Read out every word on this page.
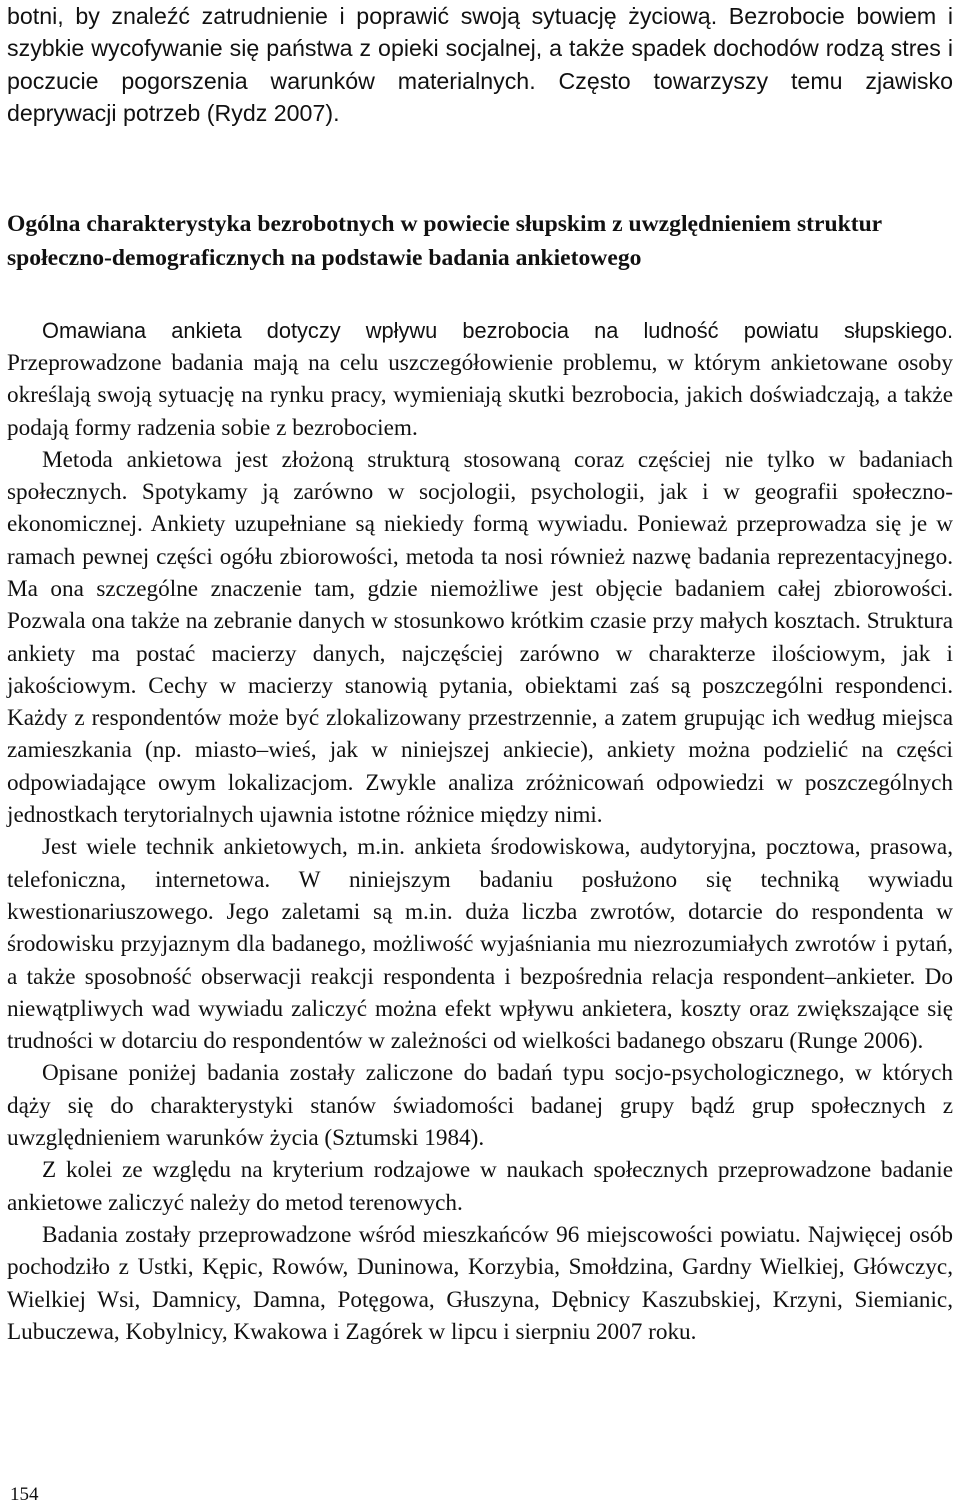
botni, by znaleźć zatrudnienie i poprawić swoją sytuację życiową. Bezrobocie bowiem i szybkie wycofywanie się państwa z opieki socjalnej, a także spadek dochodów rodzą stres i poczucie pogorszenia warunków materialnych. Często towarzyszy temu zjawisko deprywacji potrzeb (Rydz 2007).

Ogólna charakterystyka bezrobotnych w powiecie słupskim z uwzględnieniem struktur społeczno-demograficznych na podstawie badania ankietowego

Omawiana ankieta dotyczy wpływu bezrobocia na ludność powiatu słupskiego. Przeprowadzone badania mają na celu uszczegółowienie problemu, w którym ankietowane osoby określają swoją sytuację na rynku pracy, wymieniają skutki bezrobocia, jakich doświadczają, a także podają formy radzenia sobie z bezrobociem.

Metoda ankietowa jest złożoną strukturą stosowaną coraz częściej nie tylko w badaniach społecznych. Spotykamy ją zarówno w socjologii, psychologii, jak i w geografii społeczno-ekonomicznej. Ankiety uzupełniane są niekiedy formą wywiadu. Ponieważ przeprowadza się je w ramach pewnej części ogółu zbiorowości, metoda ta nosi również nazwę badania reprezentacyjnego. Ma ona szczególne znaczenie tam, gdzie niemożliwe jest objęcie badaniem całej zbiorowości. Pozwala ona także na zebranie danych w stosunkowo krótkim czasie przy małych kosztach. Struktura ankiety ma postać macierzy danych, najczęściej zarówno w charakterze ilościowym, jak i jakościowym. Cechy w macierzy stanowią pytania, obiektami zaś są poszczególni respondenci. Każdy z respondentów może być zlokalizowany przestrzennie, a zatem grupując ich według miejsca zamieszkania (np. miasto–wieś, jak w niniejszej ankiecie), ankiety można podzielić na części odpowiadające owym lokalizacjom. Zwykle analiza zróżnicowań odpowiedzi w poszczególnych jednostkach terytorialnych ujawnia istotne różnice między nimi.

Jest wiele technik ankietowych, m.in. ankieta środowiskowa, audytoryjna, pocztowa, prasowa, telefoniczna, internetowa. W niniejszym badaniu posłużono się techniką wywiadu kwestionariuszowego. Jego zaletami są m.in. duża liczba zwrotów, dotarcie do respondenta w środowisku przyjaznym dla badanego, możliwość wyjaśniania mu niezrozumiałych zwrotów i pytań, a także sposobność obserwacji reakcji respondenta i bezpośrednia relacja respondent–ankieter. Do niewątpliwych wad wywiadu zaliczyć można efekt wpływu ankietera, koszty oraz zwiększające się trudności w dotarciu do respondentów w zależności od wielkości badanego obszaru (Runge 2006).

Opisane poniżej badania zostały zaliczone do badań typu socjo-psychologicznego, w których dąży się do charakterystyki stanów świadomości badanej grupy bądź grup społecznych z uwzględnieniem warunków życia (Sztumski 1984).

Z kolei ze względu na kryterium rodzajowe w naukach społecznych przeprowadzone badanie ankietowe zaliczyć należy do metod terenowych.

Badania zostały przeprowadzone wśród mieszkańców 96 miejscowości powiatu. Najwięcej osób pochodziło z Ustki, Kępic, Rowów, Duninowa, Korzybia, Smołdzina, Gardny Wielkiej, Główczyc, Wielkiej Wsi, Damnicy, Damna, Potęgowa, Głuszyna, Dębnicy Kaszubskiej, Krzyni, Siemianic, Lubuczewa, Kobylnicy, Kwakowa i Zagórek w lipcu i sierpniu 2007 roku.

154
